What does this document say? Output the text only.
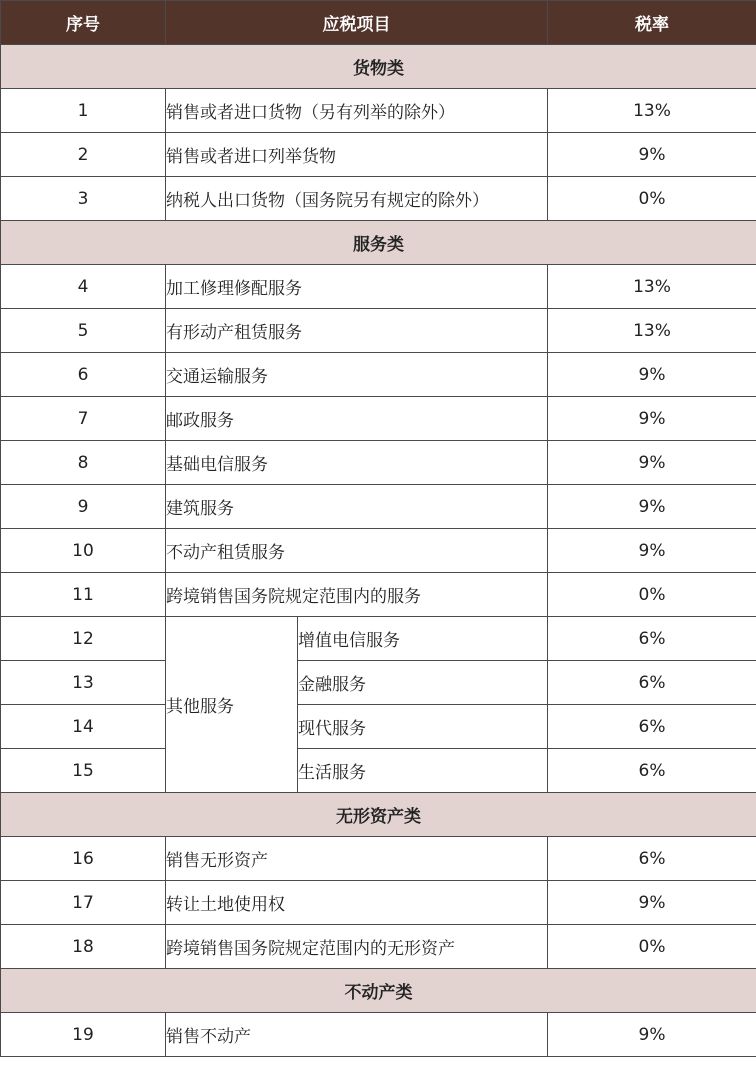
序号	应税项目		税率
货物类			
1	销售或者进口货物（另有列举的除外）		13%
2	销售或者进口列举货物		9%
3	纳税人出口货物（国务院另有规定的除外）		0%
服务类			
4	加工修理修配服务		13%
5	有形动产租赁服务		13%
6	交通运输服务		9%
7	邮政服务		9%
8	基础电信服务		9%
9	建筑服务		9%
10	不动产租赁服务		9%
11	跨境销售国务院规定范围内的服务		0%
12	其他服务	增值电信服务	6%
13		金融服务	6%
14		现代服务	6%
15		生活服务	6%
无形资产类			
16	销售无形资产		6%
17	转让土地使用权		9%
18	跨境销售国务院规定范围内的无形资产		0%
不动产类			
19	销售不动产		9%
